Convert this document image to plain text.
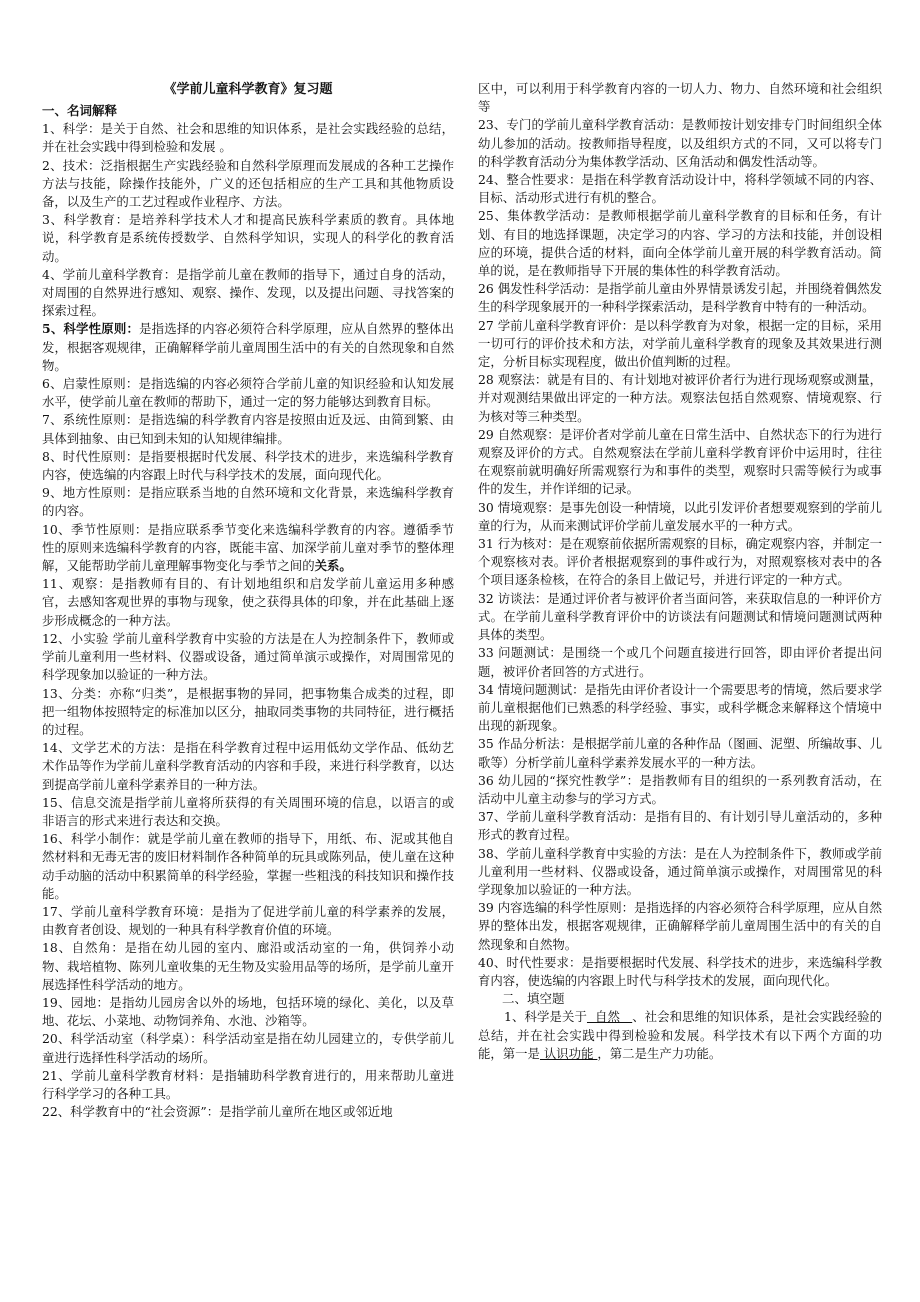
《学前儿童科学教育》复习题
一、名词解释

1、科学：是关于自然、社会和思维的知识体系，是社会实践经验的总结，并在社会实践中得到检验和发展 。

2、技术：泛指根据生产实践经验和自然科学原理而发展成的各种工艺操作方法与技能，除操作技能外，广义的还包括相应的生产工具和其他物质设备，以及生产的工艺过程或作业程序、方法。

3、科学教育：是培养科学技术人才和提高民族科学素质的教育。具体地说，科学教育是系统传授数学、自然科学知识，实现人的科学化的教育活动。

4、学前儿童科学教育：是指学前儿童在教师的指导下，通过自身的活动，对周围的自然界进行感知、观察、操作、发现，以及提出问题、寻找答案的探索过程。

5、科学性原则：是指选择的内容必须符合科学原理，应从自然界的整体出发，根据客观规律，正确解释学前儿童周围生活中的有关的自然现象和自然物。

6、启蒙性原则：是指选编的内容必须符合学前儿童的知识经验和认知发展水平，使学前儿童在教师的帮助下，通过一定的努力能够达到教育目标。

7、系统性原则：是指选编的科学教育内容是按照由近及远、由简到繁、由具体到抽象、由已知到未知的认知规律编排。

8、时代性原则：是指要根据时代发展、科学技术的进步，来选编科学教育内容，使选编的内容跟上时代与科学技术的发展，面向现代化。

9、地方性原则：是指应联系当地的自然环境和文化背景，来选编科学教育的内容。

10、季节性原则：是指应联系季节变化来选编科学教育的内容。遵循季节性的原则来选编科学教育的内容，既能丰富、加深学前儿童对季节的整体理解，又能帮助学前儿童理解事物变化与季节之间的关系。

11、观察：是指教师有目的、有计划地组织和启发学前儿童运用多种感官，去感知客观世界的事物与现象，使之获得具体的印象，并在此基础上逐步形成概念的一种方法。

12、小实验 学前儿童科学教育中实验的方法是在人为控制条件下，教师或学前儿童利用一些材料、仪器或设备，通过简单演示或操作，对周围常见的科学现象加以验证的一种方法。

13、分类：亦称“归类”，是根据事物的异同，把事物集合成类的过程，即把一组物体按照特定的标准加以区分，抽取同类事物的共同特征，进行概括的过程。

14、文学艺术的方法：是指在科学教育过程中运用低幼文学作品、低幼艺术作品等作为学前儿童科学教育活动的内容和手段，来进行科学教育，以达到提高学前儿童科学素养目的一种方法。

15、信息交流是指学前儿童将所获得的有关周围环境的信息，以语言的或非语言的形式来进行表达和交换。

16、科学小制作：就是学前儿童在教师的指导下，用纸、布、泥或其他自然材料和无毒无害的废旧材料制作各种简单的玩具或陈列品，使儿童在这种动手动脑的活动中积累简单的科学经验，掌握一些粗浅的科技知识和操作技能。

17、学前儿童科学教育环境：是指为了促进学前儿童的科学素养的发展，由教育者创设、规划的一种具有科学教育价值的环境。

18、自然角：是指在幼儿园的室内、廊沿或活动室的一角，供饲养小动物、栽培植物、陈列儿童收集的无生物及实验用品等的场所，是学前儿童开展选择性科学活动的地方。

19、园地：是指幼儿园房舍以外的场地，包括环境的绿化、美化，以及草地、花坛、小菜地、动物饲养角、水池、沙箱等。

20、科学活动室（科学桌）：科学活动室是指在幼儿园建立的，专供学前儿童进行选择性科学活动的场所。

21、学前儿童科学教育材料：是指辅助科学教育进行的，用来帮助儿童进行科学学习的各种工具。

22、科学教育中的“社会资源”：是指学前儿童所在地区或邻近地

区中，可以利用于科学教育内容的一切人力、物力、自然环境和社会组织等

23、专门的学前儿童科学教育活动：是教师按计划安排专门时间组织全体幼儿参加的活动。按教师指导程度，以及组织方式的不同，又可以将专门的科学教育活动分为集体教学活动、区角活动和偶发性活动等。

24、整合性要求：是指在科学教育活动设计中，将科学领域不同的内容、目标、活动形式进行有机的整合。

25、集体教学活动：是教师根据学前儿童科学教育的目标和任务，有计划、有目的地选择课题，决定学习的内容、学习的方法和技能，并创设相应的环境，提供合适的材料，面向全体学前儿童开展的科学教育活动。简单的说，是在教师指导下开展的集体性的科学教育活动。

26 偶发性科学活动：是指学前儿童由外界情景诱发引起，并围绕着偶然发生的科学现象展开的一种科学探索活动，是科学教育中特有的一种活动。

27 学前儿童科学教育评价：是以科学教育为对象，根据一定的目标，采用一切可行的评价技术和方法，对学前儿童科学教育的现象及其效果进行测定，分析目标实现程度，做出价值判断的过程。

28 观察法：就是有目的、有计划地对被评价者行为进行现场观察或测量，并对观测结果做出评定的一种方法。观察法包括自然观察、情境观察、行为核对等三种类型。

29 自然观察：是评价者对学前儿童在日常生活中、自然状态下的行为进行观察及评价的方式。自然观察法在学前儿童科学教育评价中运用时，往往在观察前就明确好所需观察行为和事件的类型，观察时只需等候行为或事件的发生，并作详细的记录。

30 情境观察：是事先创设一种情境，以此引发评价者想要观察到的学前儿童的行为，从而来测试评价学前儿童发展水平的一种方式。

31 行为核对：是在观察前依据所需观察的目标，确定观察内容，并制定一个观察核对表。评价者根据观察到的事件或行为，对照观察核对表中的各个项目逐条检核，在符合的条目上做记号，并进行评定的一种方式。

32 访谈法：是通过评价者与被评价者当面问答，来获取信息的一种评价方式。在学前儿童科学教育评价中的访谈法有问题测试和情境问题测试两种具体的类型。

33 问题测试：是围绕一个或几个问题直接进行回答，即由评价者提出问题，被评价者回答的方式进行。

34 情境问题测试：是指先由评价者设计一个需要思考的情境，然后要求学前儿童根据他们已熟悉的科学经验、事实，或科学概念来解释这个情境中出现的新现象。

35 作品分析法：是根据学前儿童的各种作品（图画、泥塑、所编故事、儿歌等）分析学前儿童科学素养发展水平的一种方法。

36 幼儿园的“探究性教学”：是指教师有目的组织的一系列教育活动，在活动中儿童主动参与的学习方式。

37、学前儿童科学教育活动：是指有目的、有计划引导儿童活动的，多种形式的教育过程。

38、学前儿童科学教育中实验的方法：是在人为控制条件下，教师或学前儿童利用一些材料、仪器或设备，通过简单演示或操作，对周围常见的科学现象加以验证的一种方法。

39 内容选编的科学性原则：是指选择的内容必须符合科学原理，应从自然界的整体出发，根据客观规律，正确解释学前儿童周围生活中的有关的自然现象和自然物。

40、时代性要求：是指要根据时代发展、科学技术的进步，来选编科学教育内容，使选编的内容跟上时代与科学技术的发展，面向现代化。

二、填空题

1、科学是关于  自然   、社会和思维的知识体系，是社会实践经验的总结，并在社会实践中得到检验和发展。科学技术有以下两个方面的功能，第一是 认识功能 ，第二是生产力功能。
